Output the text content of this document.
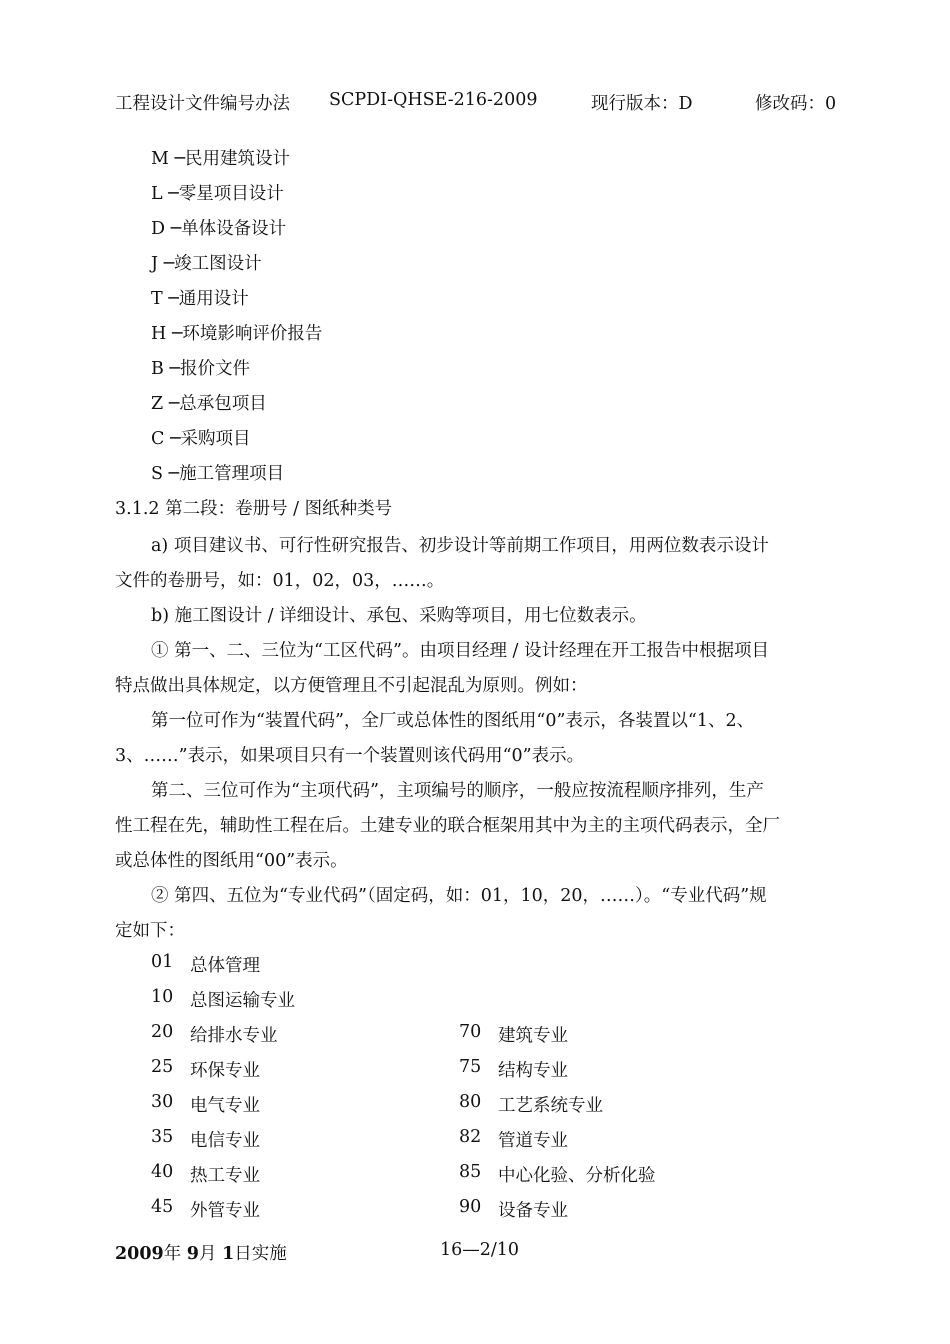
工程设计文件编号办法 SCPDI-QHSE-216-2009	现行版本：D	修改码：0
M ─民用建筑设计
L ─零星项目设计
D ─单体设备设计
J ─竣工图设计
T ─通用设计
H ─环境影响评价报告
B ─报价文件
Z ─总承包项目
C ─采购项目
S ─施工管理项目
3.1.2 第二段：卷册号 / 图纸种类号
a) 项目建议书、可行性研究报告、初步设计等前期工作项目，用两位数表示设计
文件的卷册号，如：01，02，03，……。
b) 施工图设计 / 详细设计、承包、采购等项目，用七位数表示。
① 第一、二、三位为“工区代码”。由项目经理 / 设计经理在开工报告中根据项目
特点做出具体规定，以方便管理且不引起混乱为原则。例如：
第一位可作为“装置代码”，全厂或总体性的图纸用“0”表示，各装置以“1、2、
3、……”表示，如果项目只有一个装置则该代码用“0”表示。
第二、三位可作为“主项代码”，主项编号的顺序，一般应按流程顺序排列，生产
性工程在先，辅助性工程在后。土建专业的联合框架用其中为主的主项代码表示，全厂
或总体性的图纸用“00”表示。
② 第四、五位为“专业代码”（固定码，如：01，10，20，……）。“专业代码”规
定如下：
01 总体管理
10 总图运输专业
20 给排水专业	70 建筑专业
25 环保专业	75 结构专业
30 电气专业	80 工艺系统专业
35 电信专业	82 管道专业
40 热工专业	85 中心化验、分析化验
45 外管专业	90 设备专业
2009年 9月 1日实施	16—2/10
